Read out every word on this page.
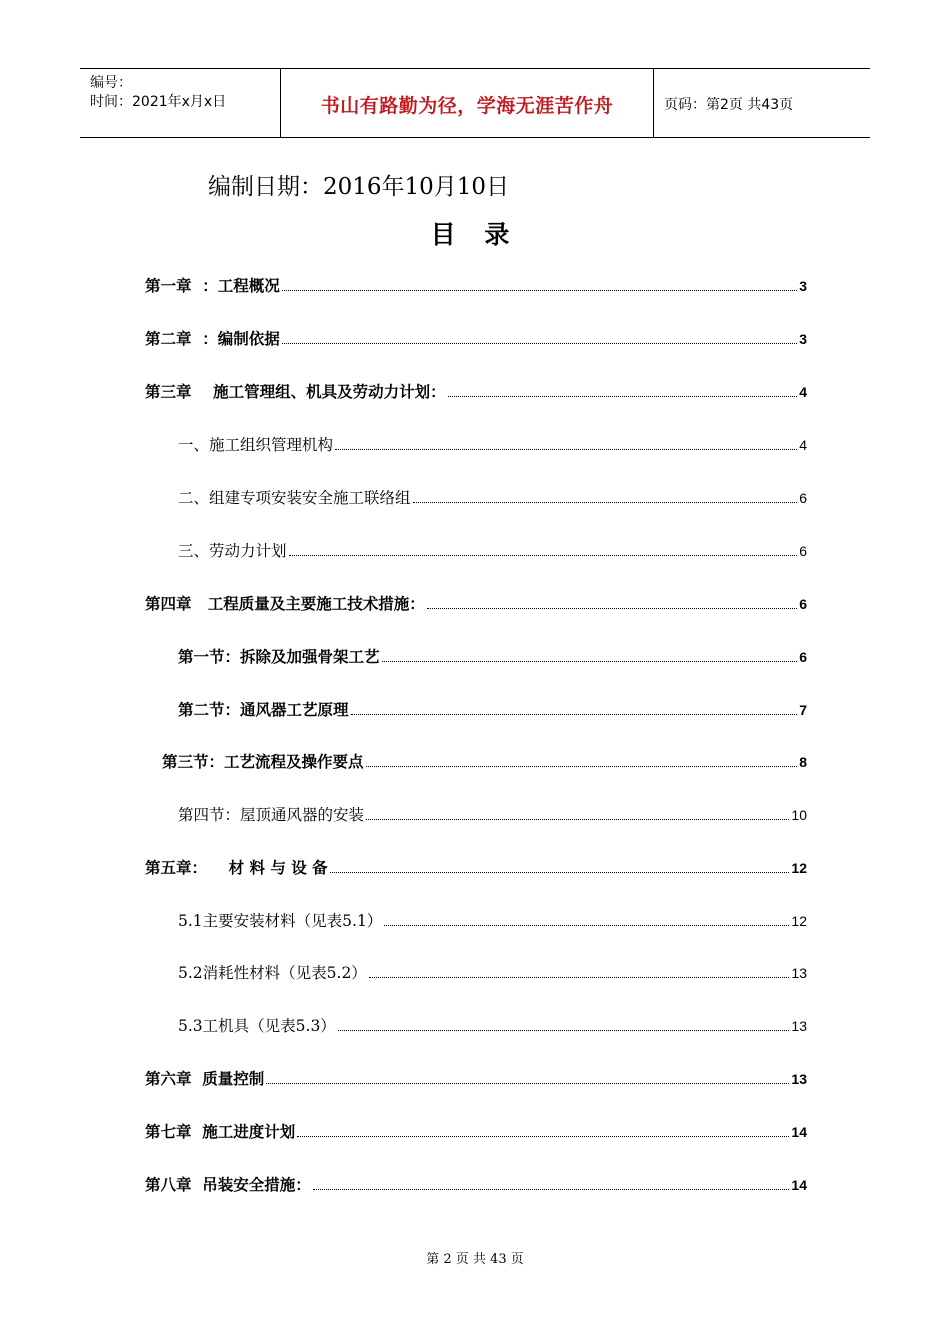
编号：
时间：2021年x月x日	书山有路勤为径，学海无涯苦作舟	页码：第2页 共43页
编制日期：2016年10月10日
目 录
第一章  ：工程概况	3
第二章  ：编制依据	3
第三章    施工管理组、机具及劳动力计划：	4
一、施工组织管理机构	4
二、组建专项安装安全施工联络组	6
三、劳动力计划	6
第四章   工程质量及主要施工技术措施：	6
第一节：拆除及加强骨架工艺	6
第二节：通风器工艺原理	7
第三节：工艺流程及操作要点	8
第四节：屋顶通风器的安装	10
第五章：    材 料 与 设 备	12
5.1主要安装材料（见表5.1）	12
5.2消耗性材料（见表5.2）	13
5.3工机具（见表5.3）	13
第六章  质量控制	13
第七章  施工进度计划	14
第八章  吊装安全措施：	14
第 2 页 共 43 页
